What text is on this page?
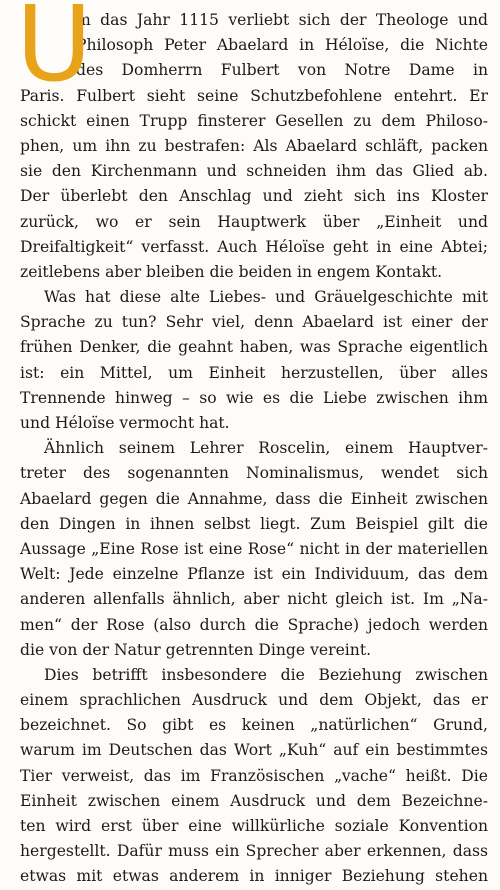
U
m das Jahr 1115 verliebt sich der Theologe und
Philosoph Peter Abaelard in Héloïse, die Nichte
des Domherrn Fulbert von Notre Dame in
Paris. Fulbert sieht seine Schutzbefohlene entehrt. Er
schickt einen Trupp finsterer Gesellen zu dem Philoso-
phen, um ihn zu bestrafen: Als Abaelard schläft, packen
sie den Kirchenmann und schneiden ihm das Glied ab.
Der überlebt den Anschlag und zieht sich ins Kloster
zurück, wo er sein Hauptwerk über „Einheit und
Dreifaltigkeit“ verfasst. Auch Héloïse geht in eine Abtei;
zeitlebens aber bleiben die beiden in engem Kontakt.
Was hat diese alte Liebes- und Gräuelgeschichte mit
Sprache zu tun? Sehr viel, denn Abaelard ist einer der
frühen Denker, die geahnt haben, was Sprache eigentlich
ist: ein Mittel, um Einheit herzustellen, über alles
Trennende hinweg – so wie es die Liebe zwischen ihm
und Héloïse vermocht hat.
Ähnlich seinem Lehrer Roscelin, einem Hauptver-
treter des sogenannten Nominalismus, wendet sich
Abaelard gegen die Annahme, dass die Einheit zwischen
den Dingen in ihnen selbst liegt. Zum Beispiel gilt die
Aussage „Eine Rose ist eine Rose“ nicht in der materiellen
Welt: Jede einzelne Pflanze ist ein Individuum, das dem
anderen allenfalls ähnlich, aber nicht gleich ist. Im „Na-
men“ der Rose (also durch die Sprache) jedoch werden
die von der Natur getrennten Dinge vereint.
Dies betrifft insbesondere die Beziehung zwischen
einem sprachlichen Ausdruck und dem Objekt, das er
bezeichnet. So gibt es keinen „natürlichen“ Grund,
warum im Deutschen das Wort „Kuh“ auf ein bestimmtes
Tier verweist, das im Französischen „vache“ heißt. Die
Einheit zwischen einem Ausdruck und dem Bezeichne-
ten wird erst über eine willkürliche soziale Konvention
hergestellt. Dafür muss ein Sprecher aber erkennen, dass
etwas mit etwas anderem in inniger Beziehung stehen
